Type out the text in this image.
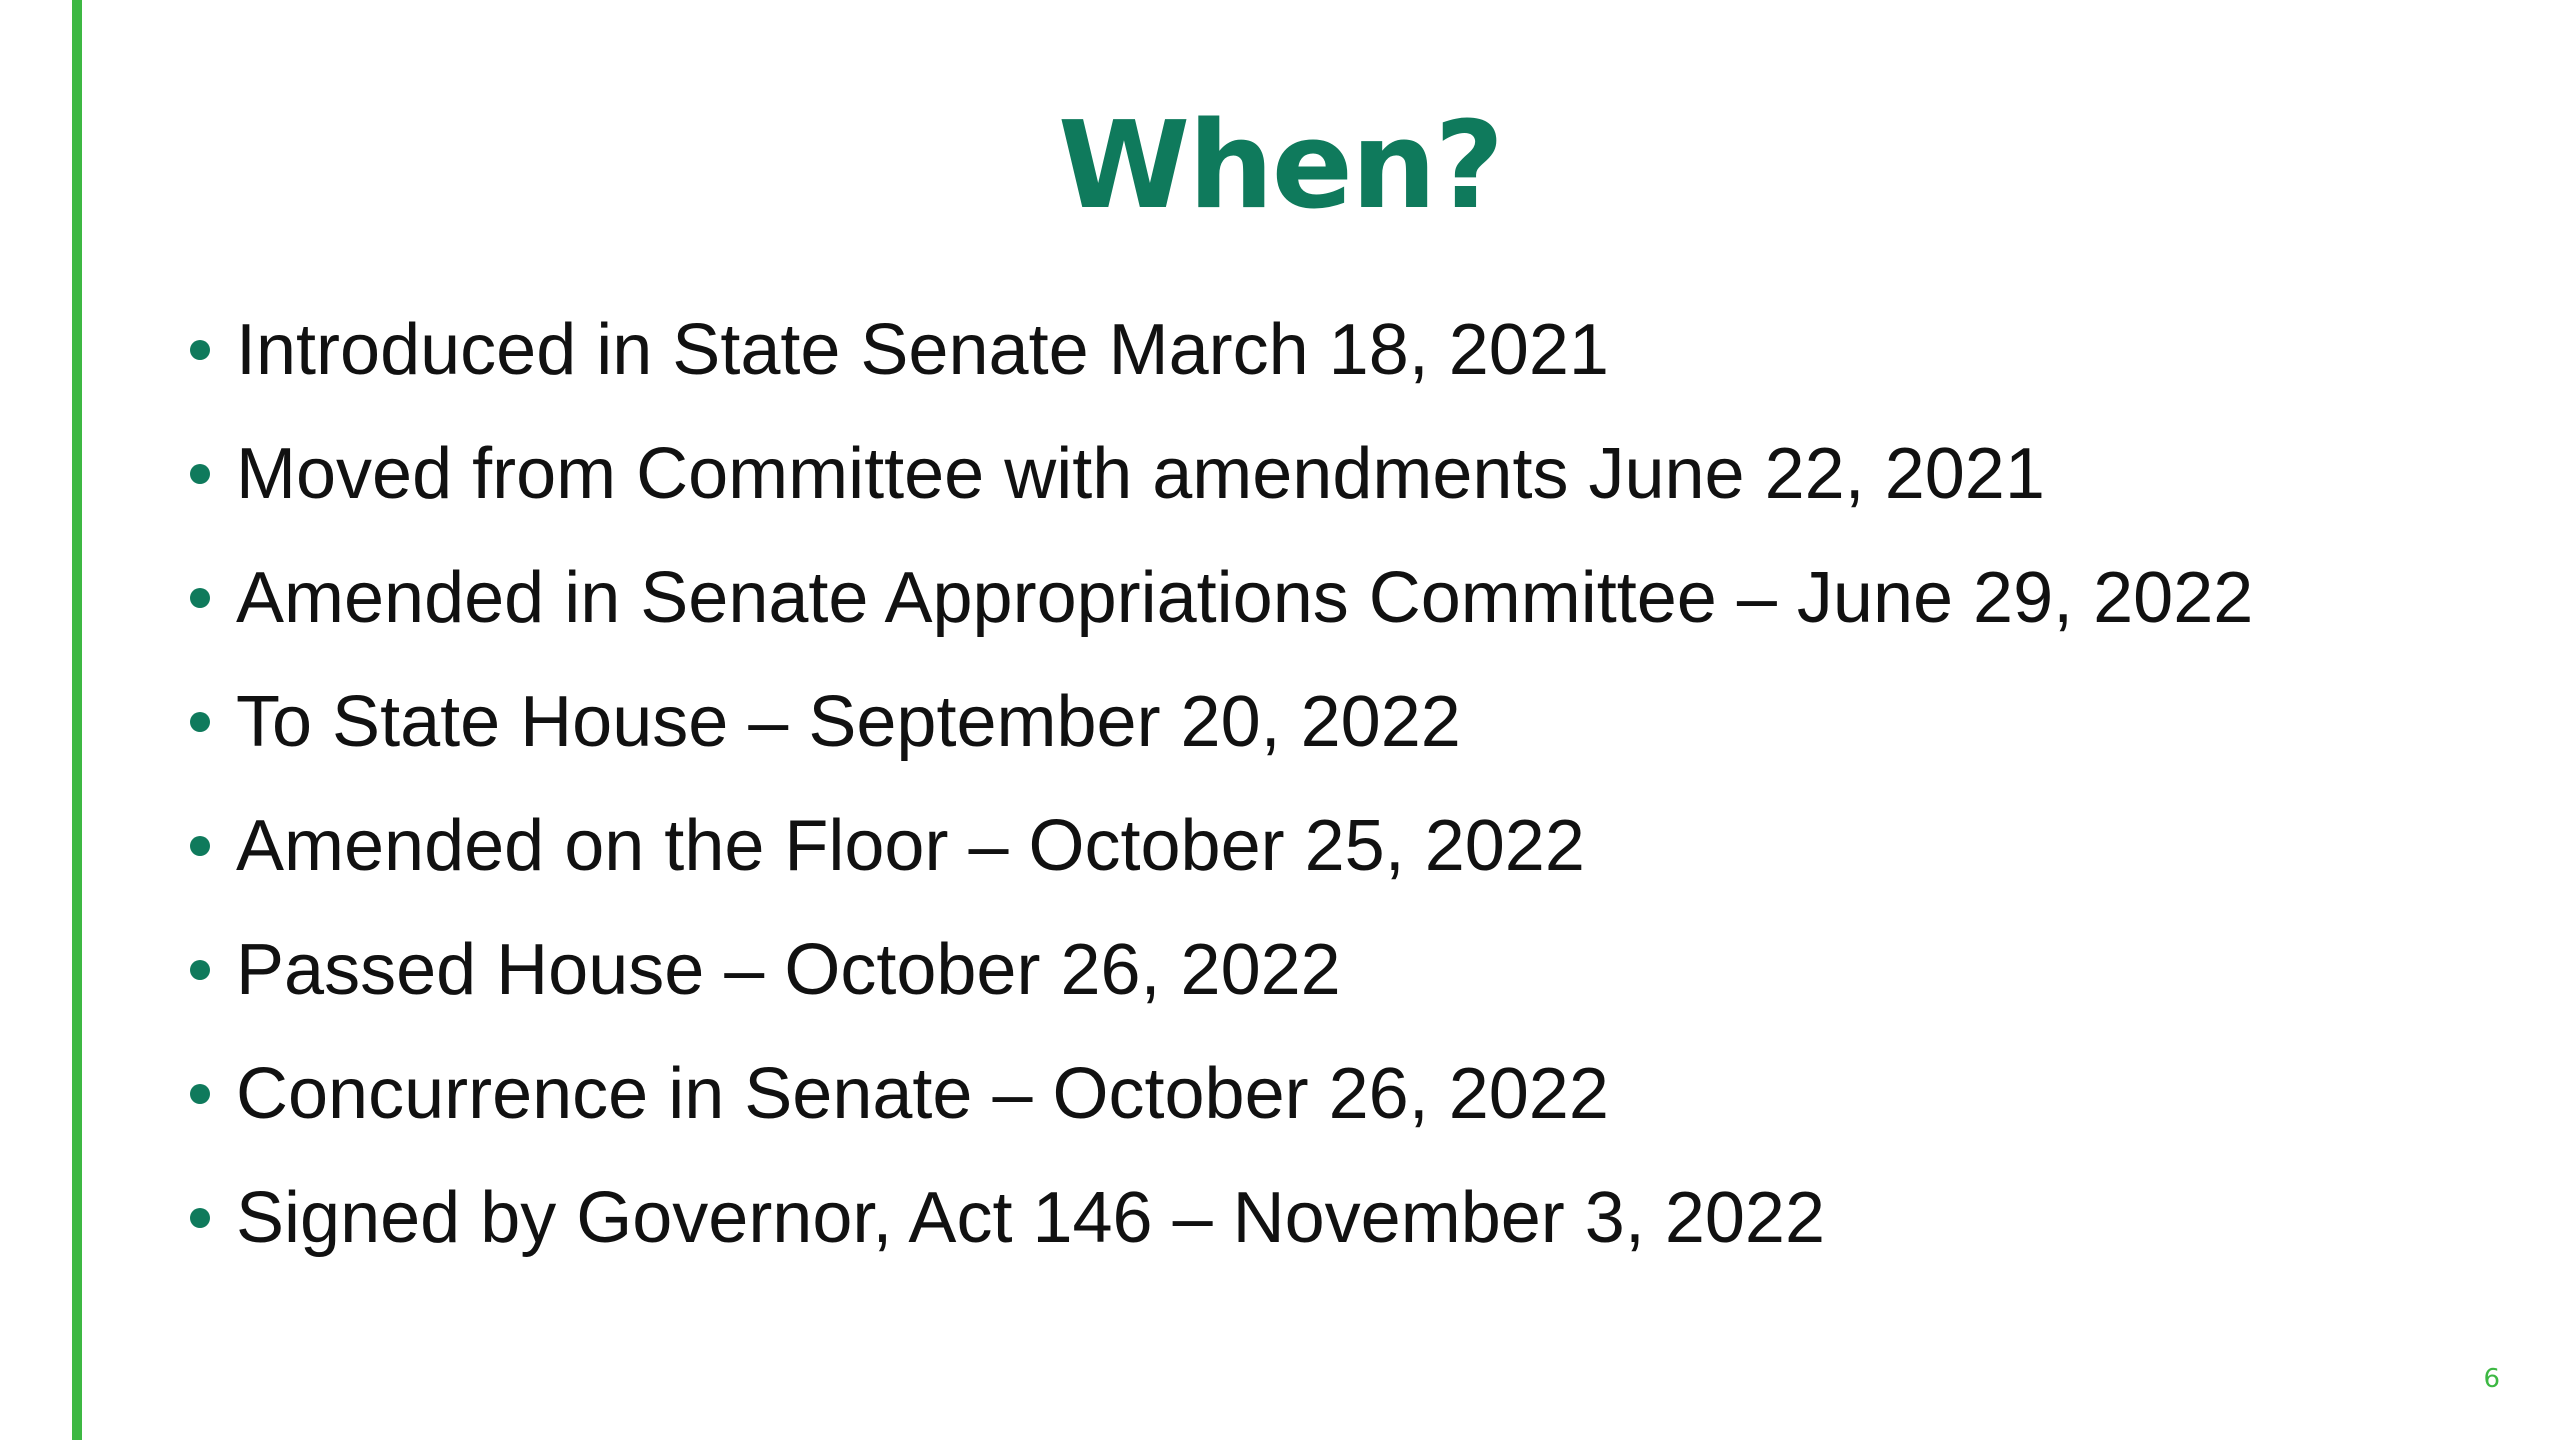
When?
Introduced in State Senate March 18, 2021
Moved from Committee with amendments June 22, 2021
Amended in Senate Appropriations Committee – June 29, 2022
To State House – September 20, 2022
Amended on the Floor – October 25, 2022
Passed House – October 26, 2022
Concurrence in Senate – October 26, 2022
Signed by Governor, Act 146 – November 3, 2022
6
